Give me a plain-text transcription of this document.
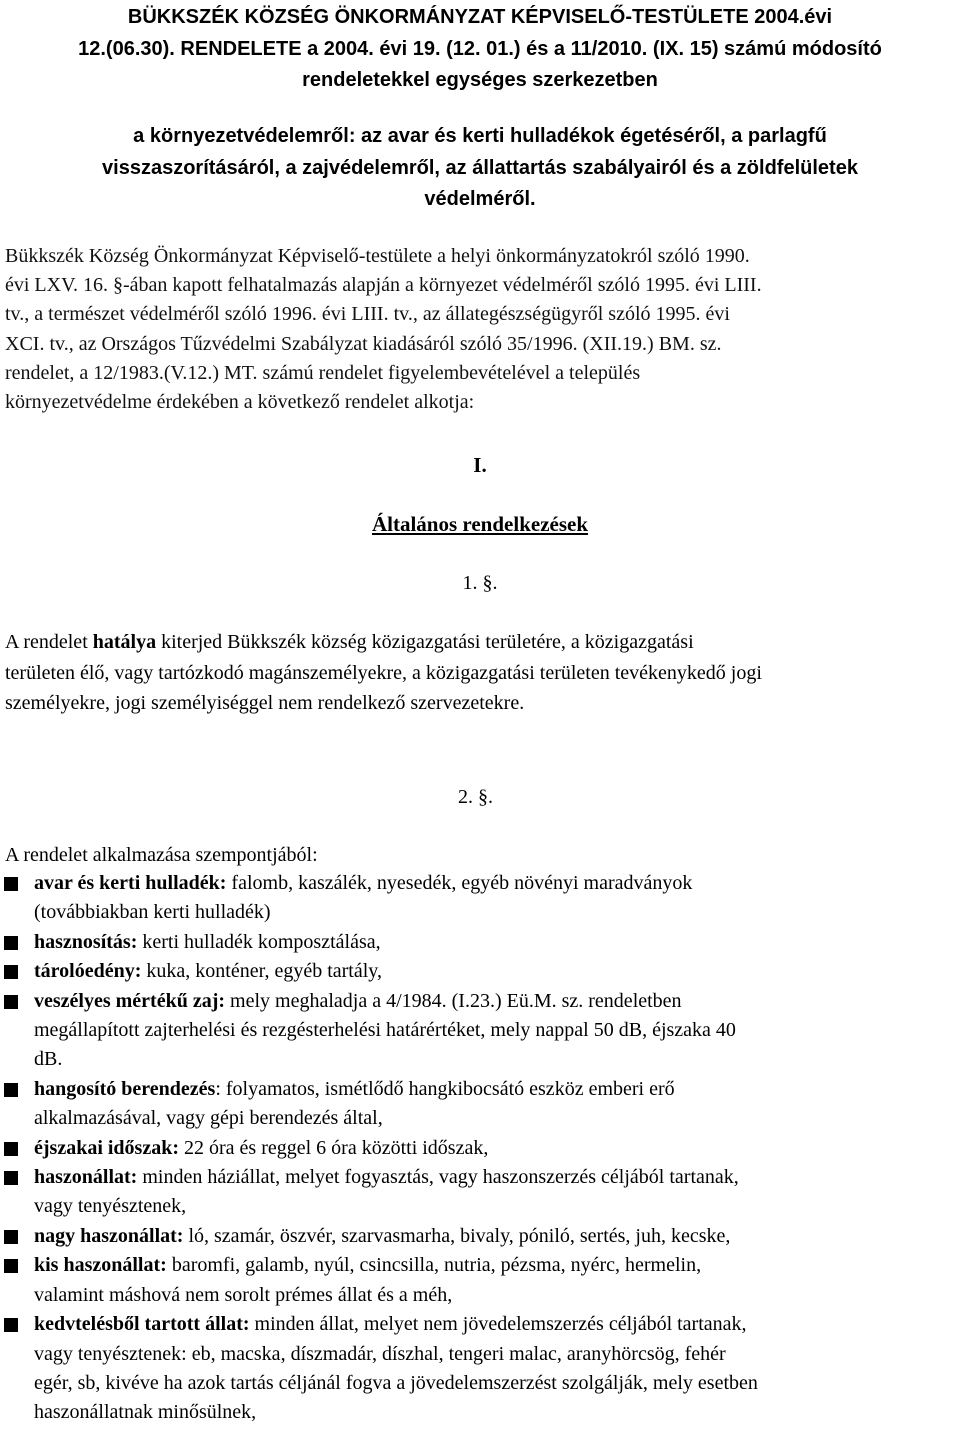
BÜKKSZÉK KÖZSÉG ÖNKORMÁNYZAT KÉPVISELŐ-TESTÜLETE 2004.évi
12.(06.30). RENDELETE a 2004. évi 19. (12. 01.) és a 11/2010. (IX. 15) számú módosító
rendeletekkel egységes szerkezetben
a környezetvédelemről: az avar és kerti hulladékok égetéséről, a parlagfű
visszaszorításáról, a zajvédelemről, az állattartás szabályairól és a zöldfelületek
védelméről.

Bükkszék Község Önkormányzat Képviselő-testülete a helyi önkormányzatokról szóló 1990.
évi LXV. 16. §-ában kapott felhatalmazás alapján a környezet védelméről szóló 1995. évi LIII.
tv., a természet védelméről szóló 1996. évi LIII. tv., az állategészségügyről szóló 1995. évi
XCI. tv., az Országos Tűzvédelmi Szabályzat kiadásáról szóló 35/1996. (XII.19.) BM. sz.
rendelet, a 12/1983.(V.12.) MT. számú rendelet figyelembevételével a település
környezetvédelme érdekében a következő rendelet alkotja:

I.

Általános rendelkezések

1. §.

A rendelet hatálya kiterjed Bükkszék község közigazgatási területére, a közigazgatási
területen élő, vagy tartózkodó magánszemélyekre, a közigazgatási területen tevékenykedő jogi
személyekre, jogi személyiséggel nem rendelkező szervezetekre.

2. §.

A rendelet alkalmazása szempontjából:

avar és kerti hulladék: falomb, kaszálék, nyesedék, egyéb növényi maradványok
(továbbiakban kerti hulladék)
hasznosítás: kerti hulladék komposztálása,
tárolóedény: kuka, konténer, egyéb tartály,
veszélyes mértékű zaj: mely meghaladja a 4/1984. (I.23.) Eü.M. sz. rendeletben
megállapított zajterhelési és rezgésterhelési határértéket, mely nappal 50 dB, éjszaka 40
dB.
hangosító berendezés: folyamatos, ismétlődő hangkibocsátó eszköz emberi erő
alkalmazásával, vagy gépi berendezés által,
éjszakai időszak: 22 óra és reggel 6 óra közötti időszak,
haszonállat: minden háziállat, melyet fogyasztás, vagy haszonszerzés céljából tartanak,
vagy tenyésztenek,
nagy haszonállat: ló, szamár, öszvér, szarvasmarha, bivaly, póniló, sertés, juh, kecske,
kis haszonállat: baromfi, galamb, nyúl, csincsilla, nutria, pézsma, nyérc, hermelin,
valamint máshová nem sorolt prémes állat és a méh,
kedvtelésből tartott állat: minden állat, melyet nem jövedelemszerzés céljából tartanak,
vagy tenyésztenek: eb, macska, díszmadár, díszhal, tengeri malac, aranyhörcsög, fehér
egér, sb, kivéve ha azok tartás céljánál fogva a jövedelemszerzést szolgálják, mely esetben
haszonállatnak minősülnek,
